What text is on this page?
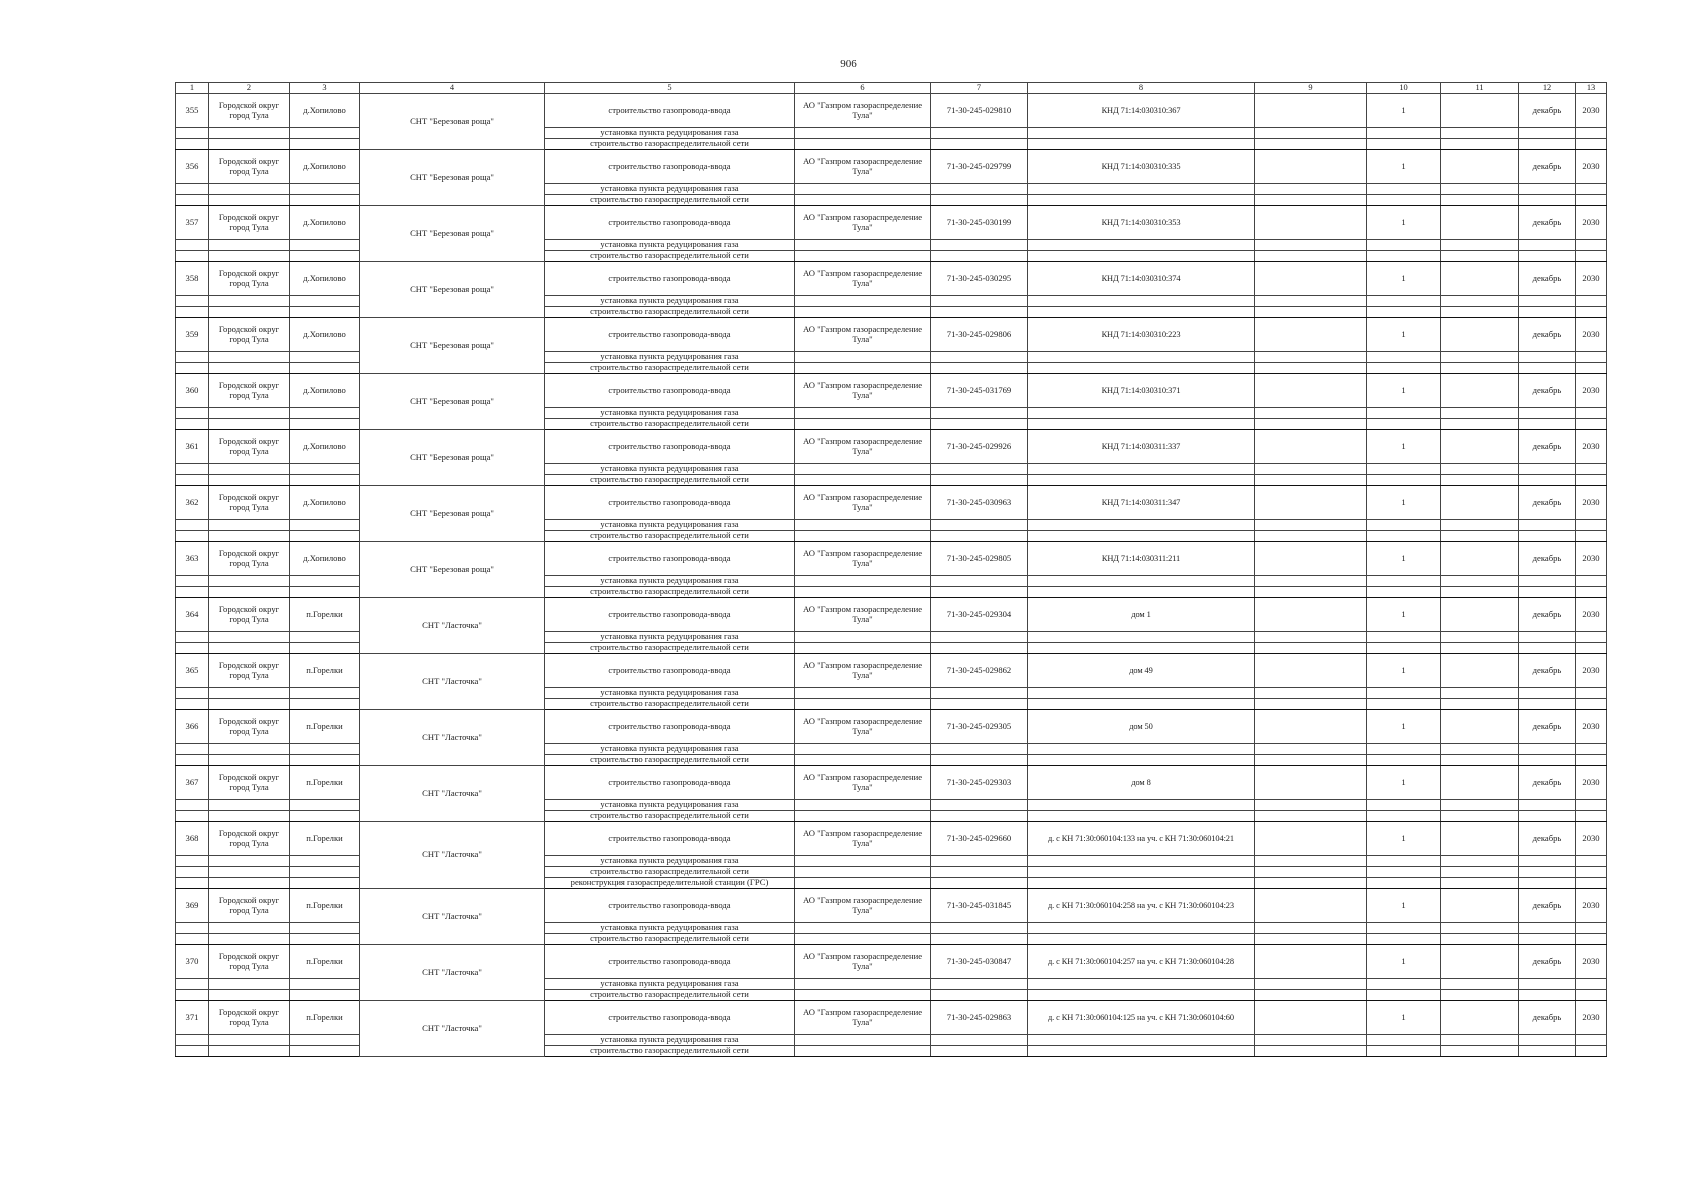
906
1	2	3	4	5	6	7	8	9	10	11	12	13
355	Городской округ город Тула	д.Хопилово	СНТ "Березовая роща"	строительство газопровода-ввода	АО "Газпром газораспределение Тула"	71-30-245-029810	КНД 71:14:030310:367		1		декабрь	2030
				установка пункта редуцирования газа								
				строительство газораспределительной сети								
356	Городской округ город Тула	д.Хопилово	СНТ "Березовая роща"	строительство газопровода-ввода	АО "Газпром газораспределение Тула"	71-30-245-029799	КНД 71:14:030310:335		1		декабрь	2030
				установка пункта редуцирования газа								
				строительство газораспределительной сети								
357	Городской округ город Тула	д.Хопилово	СНТ "Березовая роща"	строительство газопровода-ввода	АО "Газпром газораспределение Тула"	71-30-245-030199	КНД 71:14:030310:353		1		декабрь	2030
				установка пункта редуцирования газа								
				строительство газораспределительной сети								
358	Городской округ город Тула	д.Хопилово	СНТ "Березовая роща"	строительство газопровода-ввода	АО "Газпром газораспределение Тула"	71-30-245-030295	КНД 71:14:030310:374		1		декабрь	2030
				установка пункта редуцирования газа								
				строительство газораспределительной сети								
359	Городской округ город Тула	д.Хопилово	СНТ "Березовая роща"	строительство газопровода-ввода	АО "Газпром газораспределение Тула"	71-30-245-029806	КНД 71:14:030310:223		1		декабрь	2030
				установка пункта редуцирования газа								
				строительство газораспределительной сети								
360	Городской округ город Тула	д.Хопилово	СНТ "Березовая роща"	строительство газопровода-ввода	АО "Газпром газораспределение Тула"	71-30-245-031769	КНД 71:14:030310:371		1		декабрь	2030
				установка пункта редуцирования газа								
				строительство газораспределительной сети								
361	Городской округ город Тула	д.Хопилово	СНТ "Березовая роща"	строительство газопровода-ввода	АО "Газпром газораспределение Тула"	71-30-245-029926	КНД 71:14:030311:337		1		декабрь	2030
				установка пункта редуцирования газа								
				строительство газораспределительной сети								
362	Городской округ город Тула	д.Хопилово	СНТ "Березовая роща"	строительство газопровода-ввода	АО "Газпром газораспределение Тула"	71-30-245-030963	КНД 71:14:030311:347		1		декабрь	2030
				установка пункта редуцирования газа								
				строительство газораспределительной сети								
363	Городской округ город Тула	д.Хопилово	СНТ "Березовая роща"	строительство газопровода-ввода	АО "Газпром газораспределение Тула"	71-30-245-029805	КНД 71:14:030311:211		1		декабрь	2030
				установка пункта редуцирования газа								
				строительство газораспределительной сети								
364	Городской округ город Тула	п.Горелки	СНТ "Ласточка"	строительство газопровода-ввода	АО "Газпром газораспределение Тула"	71-30-245-029304	дом 1		1		декабрь	2030
				установка пункта редуцирования газа								
				строительство газораспределительной сети								
365	Городской округ город Тула	п.Горелки	СНТ "Ласточка"	строительство газопровода-ввода	АО "Газпром газораспределение Тула"	71-30-245-029862	дом 49		1		декабрь	2030
				установка пункта редуцирования газа								
				строительство газораспределительной сети								
366	Городской округ город Тула	п.Горелки	СНТ "Ласточка"	строительство газопровода-ввода	АО "Газпром газораспределение Тула"	71-30-245-029305	дом 50		1		декабрь	2030
				установка пункта редуцирования газа								
				строительство газораспределительной сети								
367	Городской округ город Тула	п.Горелки	СНТ "Ласточка"	строительство газопровода-ввода	АО "Газпром газораспределение Тула"	71-30-245-029303	дом 8		1		декабрь	2030
				установка пункта редуцирования газа								
				строительство газораспределительной сети								
368	Городской округ город Тула	п.Горелки	СНТ "Ласточка"	строительство газопровода-ввода	АО "Газпром газораспределение Тула"	71-30-245-029660	д. с КН 71:30:060104:133 на уч. с КН 71:30:060104:21		1		декабрь	2030
				установка пункта редуцирования газа								
				строительство газораспределительной сети								
				реконструкция газораспределительной станции (ГРС)								
369	Городской округ город Тула	п.Горелки	СНТ "Ласточка"	строительство газопровода-ввода	АО "Газпром газораспределение Тула"	71-30-245-031845	д. с КН 71:30:060104:258 на уч. с КН 71:30:060104:23		1		декабрь	2030
				установка пункта редуцирования газа								
				строительство газораспределительной сети								
370	Городской округ город Тула	п.Горелки	СНТ "Ласточка"	строительство газопровода-ввода	АО "Газпром газораспределение Тула"	71-30-245-030847	д. с КН 71:30:060104:257 на уч. с КН 71:30:060104:28		1		декабрь	2030
				установка пункта редуцирования газа								
				строительство газораспределительной сети								
371	Городской округ город Тула	п.Горелки	СНТ "Ласточка"	строительство газопровода-ввода	АО "Газпром газораспределение Тула"	71-30-245-029863	д. с КН 71:30:060104:125 на уч. с КН 71:30:060104:60		1		декабрь	2030
				установка пункта редуцирования газа								
				строительство газораспределительной сети								
